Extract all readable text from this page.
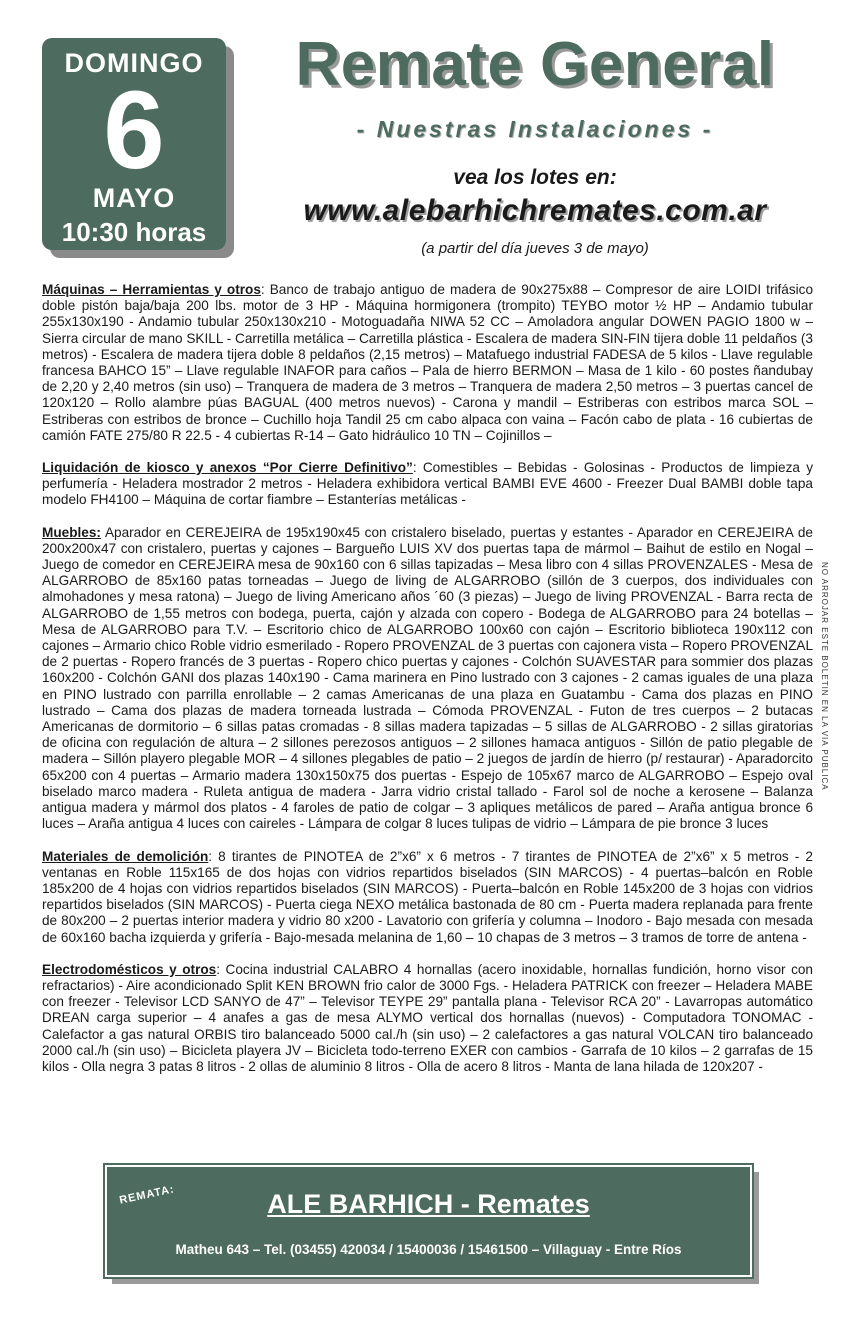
DOMINGO
6
MAYO
10:30 horas
Remate General
- Nuestras Instalaciones -
vea los lotes en:
www.alebarhichremates.com.ar
(a partir del día jueves 3 de mayo)

Máquinas – Herramientas y otros: Banco de trabajo antiguo de madera de 90x275x88 – Compresor de aire LOIDI trifásico doble pistón baja/baja 200 lbs. motor de 3 HP - Máquina hormigonera (trompito) TEYBO motor ½ HP – Andamio tubular 255x130x190 - Andamio tubular 250x130x210 - Motoguadaña NIWA 52 CC – Amoladora angular DOWEN PAGIO 1800 w – Sierra circular de mano SKILL - Carretilla metálica – Carretilla plástica - Escalera de madera SIN-FIN tijera doble 11 peldaños (3 metros) - Escalera de madera tijera doble 8 peldaños (2,15 metros) – Matafuego industrial FADESA de 5 kilos - Llave regulable francesa BAHCO 15” – Llave regulable INAFOR para caños – Pala de hierro BERMON – Masa de 1 kilo - 60 postes ñandubay de 2,20 y 2,40 metros (sin uso) – Tranquera de madera de 3 metros – Tranquera de madera 2,50 metros – 3 puertas cancel de 120x120 – Rollo alambre púas BAGUAL (400 metros nuevos) - Carona y mandil – Estriberas con estribos marca SOL – Estriberas con estribos de bronce – Cuchillo hoja Tandil 25 cm cabo alpaca con vaina – Facón cabo de plata - 16 cubiertas de camión FATE 275/80 R 22.5 - 4 cubiertas R-14 – Gato hidráulico 10 TN – Cojinillos –

Liquidación de kiosco y anexos “Por Cierre Definitivo”: Comestibles – Bebidas - Golosinas - Productos de limpieza y perfumería - Heladera mostrador 2 metros - Heladera exhibidora vertical BAMBI EVE 4600 - Freezer Dual BAMBI doble tapa modelo FH4100 – Máquina de cortar fiambre – Estanterías metálicas -

Muebles: Aparador en CEREJEIRA de 195x190x45 con cristalero biselado, puertas y estantes - Aparador en CEREJEIRA de 200x200x47 con cristalero, puertas y cajones – Bargueño LUIS XV dos puertas tapa de mármol – Baihut de estilo en Nogal – Juego de comedor en CEREJEIRA mesa de 90x160 con 6 sillas tapizadas – Mesa libro con 4 sillas PROVENZALES - Mesa de ALGARROBO de 85x160 patas torneadas – Juego de living de ALGARROBO (sillón de 3 cuerpos, dos individuales con almohadones y mesa ratona) – Juego de living Americano años ´60 (3 piezas) – Juego de living PROVENZAL - Barra recta de ALGARROBO de 1,55 metros con bodega, puerta, cajón y alzada con copero - Bodega de ALGARROBO para 24 botellas – Mesa de ALGARROBO para T.V. – Escritorio chico de ALGARROBO 100x60 con cajón – Escritorio biblioteca 190x112 con cajones – Armario chico Roble vidrio esmerilado - Ropero PROVENZAL de 3 puertas con cajonera vista – Ropero PROVENZAL de 2 puertas - Ropero francés de 3 puertas - Ropero chico puertas y cajones - Colchón SUAVESTAR para sommier dos plazas 160x200 - Colchón GANI dos plazas 140x190 - Cama marinera en Pino lustrado con 3 cajones - 2 camas iguales de una plaza en PINO lustrado con parrilla enrollable – 2 camas Americanas de una plaza en Guatambu - Cama dos plazas en PINO lustrado – Cama dos plazas de madera torneada lustrada – Cómoda PROVENZAL - Futon de tres cuerpos – 2 butacas Americanas de dormitorio – 6 sillas patas cromadas - 8 sillas madera tapizadas – 5 sillas de ALGARROBO - 2 sillas giratorias de oficina con regulación de altura – 2 sillones perezosos antiguos – 2 sillones hamaca antiguos - Sillón de patio plegable de madera – Sillón playero plegable MOR – 4 sillones plegables de patio – 2 juegos de jardín de hierro (p/ restaurar) - Aparadorcito 65x200 con 4 puertas – Armario madera 130x150x75 dos puertas - Espejo de 105x67 marco de ALGARROBO – Espejo oval biselado marco madera - Ruleta antigua de madera - Jarra vidrio cristal tallado - Farol sol de noche a kerosene – Balanza antigua madera y mármol dos platos - 4 faroles de patio de colgar – 3 apliques metálicos de pared – Araña antigua bronce 6 luces – Araña antigua 4 luces con caireles - Lámpara de colgar 8 luces tulipas de vidrio – Lámpara de pie bronce 3 luces

Materiales de demolición: 8 tirantes de PINOTEA de 2”x6” x 6 metros - 7 tirantes de PINOTEA de 2”x6” x 5 metros - 2 ventanas en Roble 115x165 de dos hojas con vidrios repartidos biselados (SIN MARCOS) - 4 puertas–balcón en Roble 185x200 de 4 hojas con vidrios repartidos biselados (SIN MARCOS) - Puerta–balcón en Roble 145x200 de 3 hojas con vidrios repartidos biselados (SIN MARCOS) - Puerta ciega NEXO metálica bastonada de 80 cm - Puerta madera replanada para frente de 80x200 – 2 puertas interior madera y vidrio 80 x200 - Lavatorio con grifería y columna – Inodoro - Bajo mesada con mesada de 60x160 bacha izquierda y grifería - Bajo-mesada melanina de 1,60 – 10 chapas de 3 metros – 3 tramos de torre de antena -

Electrodomésticos y otros: Cocina industrial CALABRO 4 hornallas (acero inoxidable, hornallas fundición, horno visor con refractarios) - Aire acondicionado Split KEN BROWN frio calor de 3000 Fgs. - Heladera PATRICK con freezer – Heladera MABE con freezer - Televisor LCD SANYO de 47” – Televisor TEYPE 29” pantalla plana - Televisor RCA 20” - Lavarropas automático DREAN carga superior – 4 anafes a gas de mesa ALYMO vertical dos hornallas (nuevos) - Computadora TONOMAC - Calefactor a gas natural ORBIS tiro balanceado 5000 cal./h (sin uso) – 2 calefactores a gas natural VOLCAN tiro balanceado 2000 cal./h (sin uso) – Bicicleta playera JV – Bicicleta todo-terreno EXER con cambios - Garrafa de 10 kilos – 2 garrafas de 15 kilos - Olla negra 3 patas 8 litros - 2 ollas de aluminio 8 litros - Olla de acero 8 litros - Manta de lana hilada de 120x207 -

NO ARROJAR ESTE BOLETIN EN LA VIA PUBLICA
REMATA:	ALE BARHICH - Remates
Matheu 643 – Tel. (03455) 420034 / 15400036 / 15461500 – Villaguay - Entre Ríos
